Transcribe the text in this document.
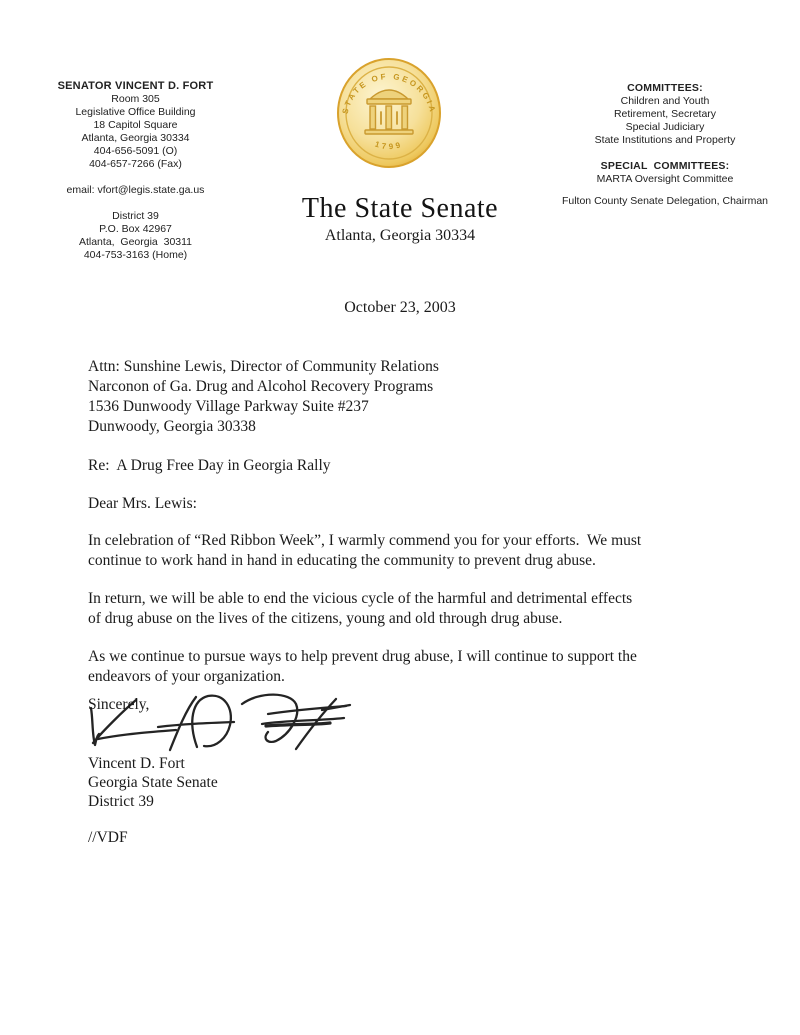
SENATOR VINCENT D. FORT
Room 305
Legislative Office Building
18 Capitol Square
Atlanta, Georgia 30334
404-656-5091 (O)
404-657-7266 (Fax)
email: vfort@legis.state.ga.us
District 39
P.O. Box 42967
Atlanta,  Georgia  30311
404-753-3163 (Home)
STATE OF GEORGIA
1799
The State Senate
Atlanta, Georgia 30334
COMMITTEES:
Children and Youth
Retirement, Secretary
Special Judiciary
State Institutions and Property
SPECIAL  COMMITTEES:
MARTA Oversight Committee
Fulton County Senate Delegation, Chairman
October 23, 2003
Attn: Sunshine Lewis, Director of Community Relations
Narconon of Ga. Drug and Alcohol Recovery Programs
1536 Dunwoody Village Parkway Suite #237
Dunwoody, Georgia 30338
Re:  A Drug Free Day in Georgia Rally
Dear Mrs. Lewis:
In celebration of “Red Ribbon Week”, I warmly commend you for your efforts.  We must
continue to work hand in hand in educating the community to prevent drug abuse.
In return, we will be able to end the vicious cycle of the harmful and detrimental effects
of drug abuse on the lives of the citizens, young and old through drug abuse.
As we continue to pursue ways to help prevent drug abuse, I will continue to support the
endeavors of your organization.
Sincerely,
Vincent D. Fort
Georgia State Senate
District 39
//VDF
